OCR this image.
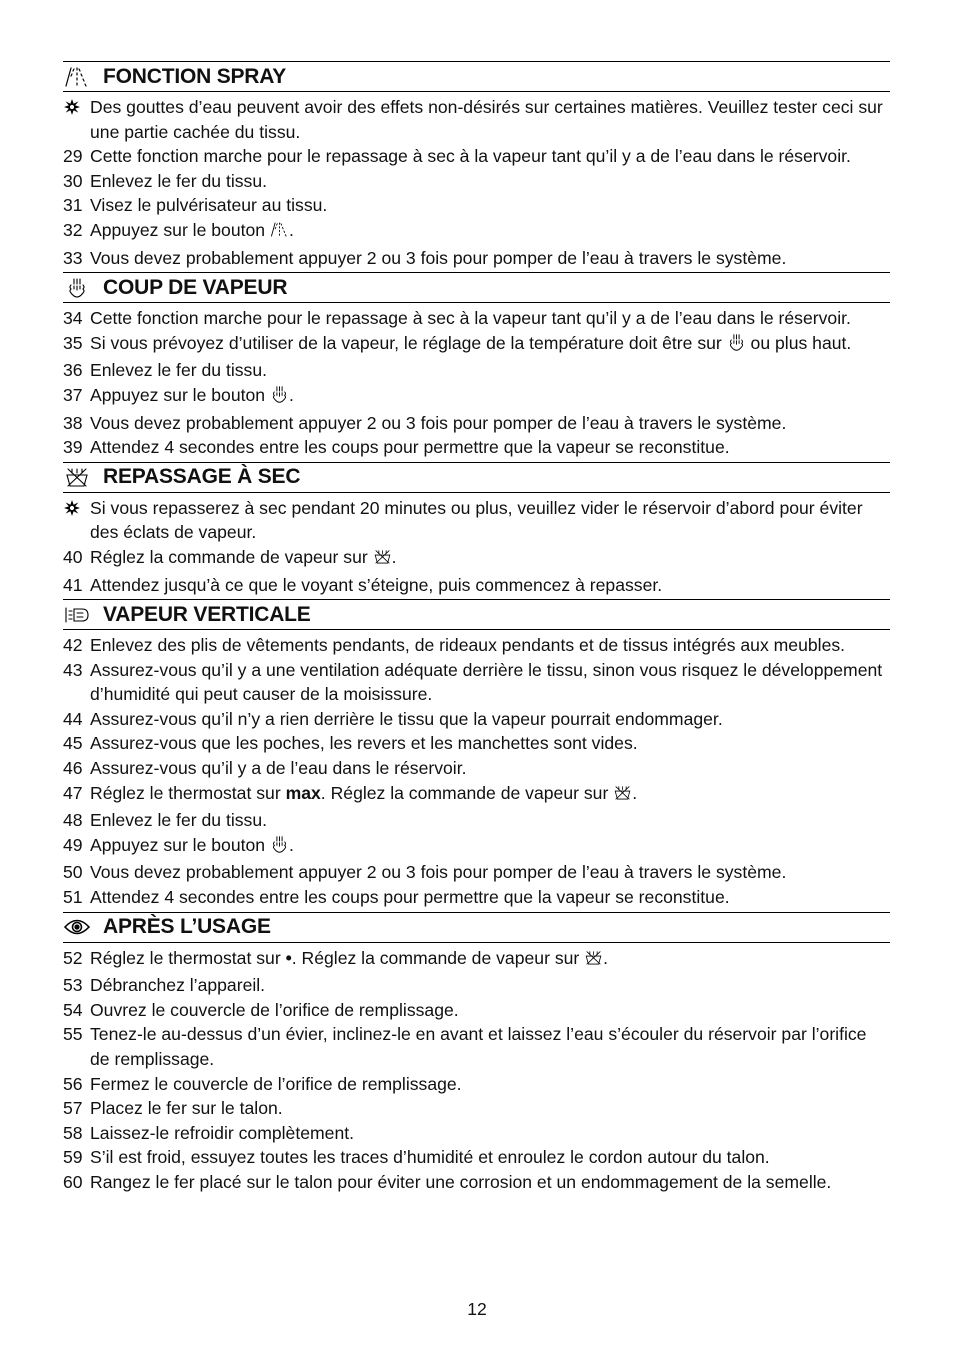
FONCTION SPRAY
Des gouttes d’eau peuvent avoir des effets non-désirés sur certaines matières. Veuillez tester ceci sur une partie cachée du tissu.
29 Cette fonction marche pour le repassage à sec à la vapeur tant qu’il y a de l’eau dans le réservoir.
30 Enlevez le fer du tissu.
31 Visez le pulvérisateur au tissu.
32 Appuyez sur le bouton .
33 Vous devez probablement appuyer 2 ou 3 fois pour pomper de l’eau à travers le système.
COUP DE VAPEUR
34 Cette fonction marche pour le repassage à sec à la vapeur tant qu’il y a de l’eau dans le réservoir.
35 Si vous prévoyez d’utiliser de la vapeur, le réglage de la température doit être sur  ou plus haut.
36 Enlevez le fer du tissu.
37 Appuyez sur le bouton .
38 Vous devez probablement appuyer 2 ou 3 fois pour pomper de l’eau à travers le système.
39 Attendez 4 secondes entre les coups pour permettre que la vapeur se reconstitue.
REPASSAGE À SEC
Si vous repasserez à sec pendant 20 minutes ou plus, veuillez vider le réservoir d’abord pour éviter des éclats de vapeur.
40 Réglez la commande de vapeur sur .
41 Attendez jusqu’à ce que le voyant s’éteigne, puis commencez à repasser.
VAPEUR VERTICALE
42 Enlevez des plis de vêtements pendants, de rideaux pendants et de tissus intégrés aux meubles.
43 Assurez-vous qu’il y a une ventilation adéquate derrière le tissu, sinon vous risquez le développement d’humidité qui peut causer de la moisissure.
44 Assurez-vous qu’il n’y a rien derrière le tissu que la vapeur pourrait endommager.
45 Assurez-vous que les poches, les revers et les manchettes sont vides.
46 Assurez-vous qu’il y a de l’eau dans le réservoir.
47 Réglez le thermostat sur max. Réglez la commande de vapeur sur .
48 Enlevez le fer du tissu.
49 Appuyez sur le bouton .
50 Vous devez probablement appuyer 2 ou 3 fois pour pomper de l’eau à travers le système.
51 Attendez 4 secondes entre les coups pour permettre que la vapeur se reconstitue.
APRÈS L’USAGE
52 Réglez le thermostat sur •. Réglez la commande de vapeur sur .
53 Débranchez l’appareil.
54 Ouvrez le couvercle de l’orifice de remplissage.
55 Tenez-le au-dessus d’un évier, inclinez-le en avant et laissez l’eau s’écouler du réservoir par l’orifice de remplissage.
56 Fermez le couvercle de l’orifice de remplissage.
57 Placez le fer sur le talon.
58 Laissez-le refroidir complètement.
59 S’il est froid, essuyez toutes les traces d’humidité et enroulez le cordon autour du talon.
60 Rangez le fer placé sur le talon pour éviter une corrosion et un endommagement de la semelle.
12
